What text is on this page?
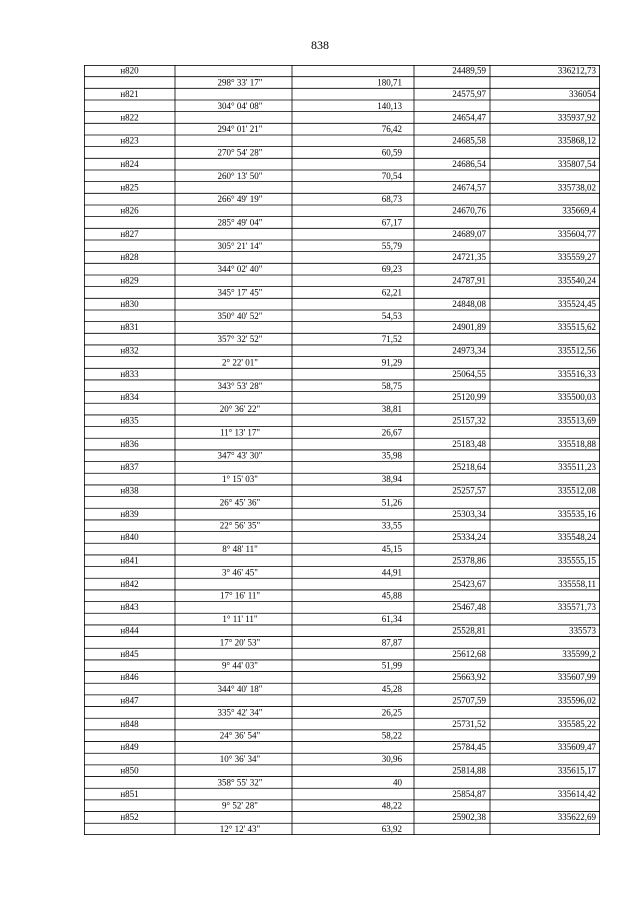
838
н820	24489,59	336212,73
298° 33' 17"	180,71
н821	24575,97	336054
304° 04' 08"	140,13
н822	24654,47	335937,92
294° 01' 21"	76,42
н823	24685,58	335868,12
270° 54' 28"	60,59
н824	24686,54	335807,54
260° 13' 50"	70,54
н825	24674,57	335738,02
266° 49' 19"	68,73
н826	24670,76	335669,4
285° 49' 04"	67,17
н827	24689,07	335604,77
305° 21' 14"	55,79
н828	24721,35	335559,27
344° 02' 40"	69,23
н829	24787,91	335540,24
345° 17' 45"	62,21
н830	24848,08	335524,45
350° 40' 52"	54,53
н831	24901,89	335515,62
357° 32' 52"	71,52
н832	24973,34	335512,56
2° 22' 01"	91,29
н833	25064,55	335516,33
343° 53' 28"	58,75
н834	25120,99	335500,03
20° 36' 22"	38,81
н835	25157,32	335513,69
11° 13' 17"	26,67
н836	25183,48	335518,88
347° 43' 30"	35,98
н837	25218,64	335511,23
1° 15' 03"	38,94
н838	25257,57	335512,08
26° 45' 36"	51,26
н839	25303,34	335535,16
22° 56' 35"	33,55
н840	25334,24	335548,24
8° 48' 11"	45,15
н841	25378,86	335555,15
3° 46' 45"	44,91
н842	25423,67	335558,11
17° 16' 11"	45,88
н843	25467,48	335571,73
1° 11' 11"	61,34
н844	25528,81	335573
17° 20' 53"	87,87
н845	25612,68	335599,2
9° 44' 03"	51,99
н846	25663,92	335607,99
344° 40' 18"	45,28
н847	25707,59	335596,02
335° 42' 34"	26,25
н848	25731,52	335585,22
24° 36' 54"	58,22
н849	25784,45	335609,47
10° 36' 34"	30,96
н850	25814,88	335615,17
358° 55' 32"	40
н851	25854,87	335614,42
9° 52' 28"	48,22
н852	25902,38	335622,69
12° 12' 43"	63,92
